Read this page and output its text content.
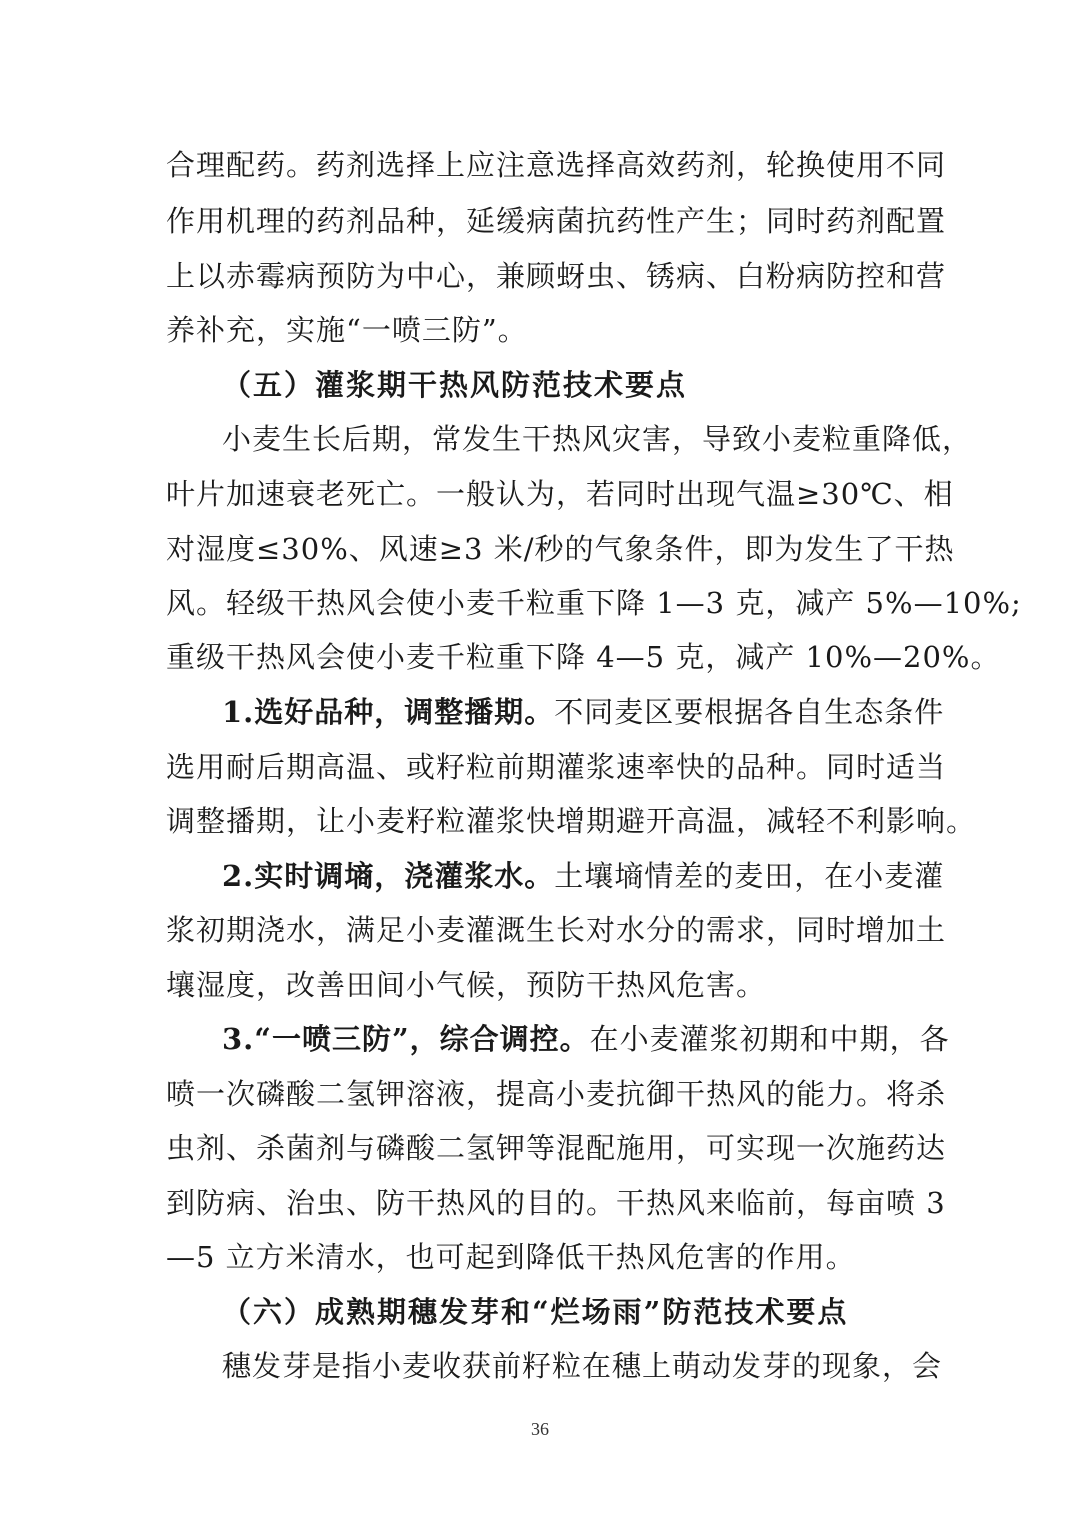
合理配药。药剂选择上应注意选择高效药剂，轮换使用不同
作用机理的药剂品种，延缓病菌抗药性产生；同时药剂配置
上以赤霉病预防为中心，兼顾蚜虫、锈病、白粉病防控和营
养补充，实施“一喷三防”。
（五）灌浆期干热风防范技术要点
小麦生长后期，常发生干热风灾害，导致小麦粒重降低，
叶片加速衰老死亡。一般认为，若同时出现气温≥30℃、相
对湿度≤30%、风速≥3 米/秒的气象条件，即为发生了干热
风。轻级干热风会使小麦千粒重下降 1—3 克，减产 5%—10%;
重级干热风会使小麦千粒重下降 4—5 克，减产 10%—20%。
1.选好品种，调整播期。不同麦区要根据各自生态条件
选用耐后期高温、或籽粒前期灌浆速率快的品种。同时适当
调整播期，让小麦籽粒灌浆快增期避开高温，减轻不利影响。
2.实时调墒，浇灌浆水。土壤墒情差的麦田，在小麦灌
浆初期浇水，满足小麦灌溉生长对水分的需求，同时增加土
壤湿度，改善田间小气候，预防干热风危害。
3.“一喷三防”，综合调控。在小麦灌浆初期和中期，各
喷一次磷酸二氢钾溶液，提高小麦抗御干热风的能力。将杀
虫剂、杀菌剂与磷酸二氢钾等混配施用，可实现一次施药达
到防病、治虫、防干热风的目的。干热风来临前，每亩喷 3
—5 立方米清水，也可起到降低干热风危害的作用。
（六）成熟期穗发芽和“烂场雨”防范技术要点
穗发芽是指小麦收获前籽粒在穗上萌动发芽的现象，会
36
